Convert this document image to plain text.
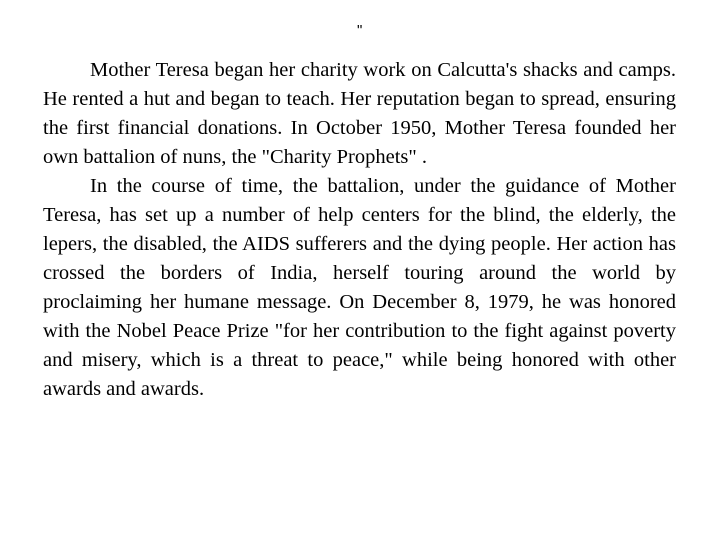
"

Mother Teresa began her charity work on Calcutta's shacks and camps. He rented a hut and began to teach. Her reputation began to spread, ensuring the first financial donations. In October 1950, Mother Teresa founded her own battalion of nuns, the "Charity Prophets" .

In the course of time, the battalion, under the guidance of Mother Teresa, has set up a number of help centers for the blind, the elderly, the lepers, the disabled, the AIDS sufferers and the dying people. Her action has crossed the borders of India, herself touring around the world by proclaiming her humane message. On December 8, 1979, he was honored with the Nobel Peace Prize "for her contribution to the fight against poverty and misery, which is a threat to peace," while being honored with other awards and awards.
